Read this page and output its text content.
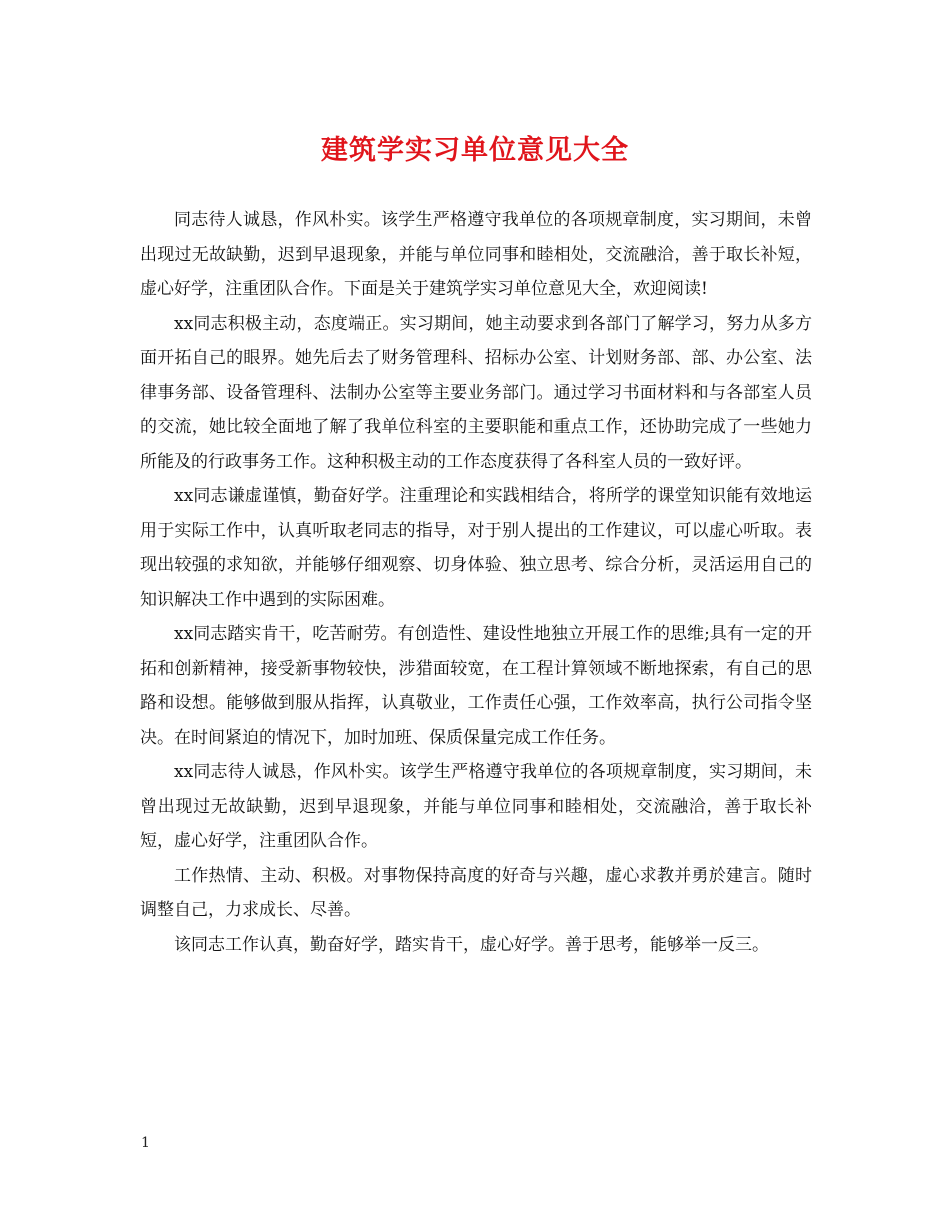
建筑学实习单位意见大全

同志待人诚恳，作风朴实。该学生严格遵守我单位的各项规章制度，实习期间，未曾出现过无故缺勤，迟到早退现象，并能与单位同事和睦相处，交流融洽，善于取长补短，虚心好学，注重团队合作。下面是关于建筑学实习单位意见大全，欢迎阅读!

xx同志积极主动，态度端正。实习期间，她主动要求到各部门了解学习，努力从多方面开拓自己的眼界。她先后去了财务管理科、招标办公室、计划财务部、部、办公室、法律事务部、设备管理科、法制办公室等主要业务部门。通过学习书面材料和与各部室人员的交流，她比较全面地了解了我单位科室的主要职能和重点工作，还协助完成了一些她力所能及的行政事务工作。这种积极主动的工作态度获得了各科室人员的一致好评。

xx同志谦虚谨慎，勤奋好学。注重理论和实践相结合，将所学的课堂知识能有效地运用于实际工作中，认真听取老同志的指导，对于别人提出的工作建议，可以虚心听取。表现出较强的求知欲，并能够仔细观察、切身体验、独立思考、综合分析，灵活运用自己的知识解决工作中遇到的实际困难。

xx同志踏实肯干，吃苦耐劳。有创造性、建设性地独立开展工作的思维;具有一定的开拓和创新精神，接受新事物较快，涉猎面较宽，在工程计算领域不断地探索，有自己的思路和设想。能够做到服从指挥，认真敬业，工作责任心强，工作效率高，执行公司指令坚决。在时间紧迫的情况下，加时加班、保质保量完成工作任务。

xx同志待人诚恳，作风朴实。该学生严格遵守我单位的各项规章制度，实习期间，未曾出现过无故缺勤，迟到早退现象，并能与单位同事和睦相处，交流融洽，善于取长补短，虚心好学，注重团队合作。

工作热情、主动、积极。对事物保持高度的好奇与兴趣，虚心求教并勇於建言。随时调整自己，力求成长、尽善。

该同志工作认真，勤奋好学，踏实肯干，虚心好学。善于思考，能够举一反三。

1
